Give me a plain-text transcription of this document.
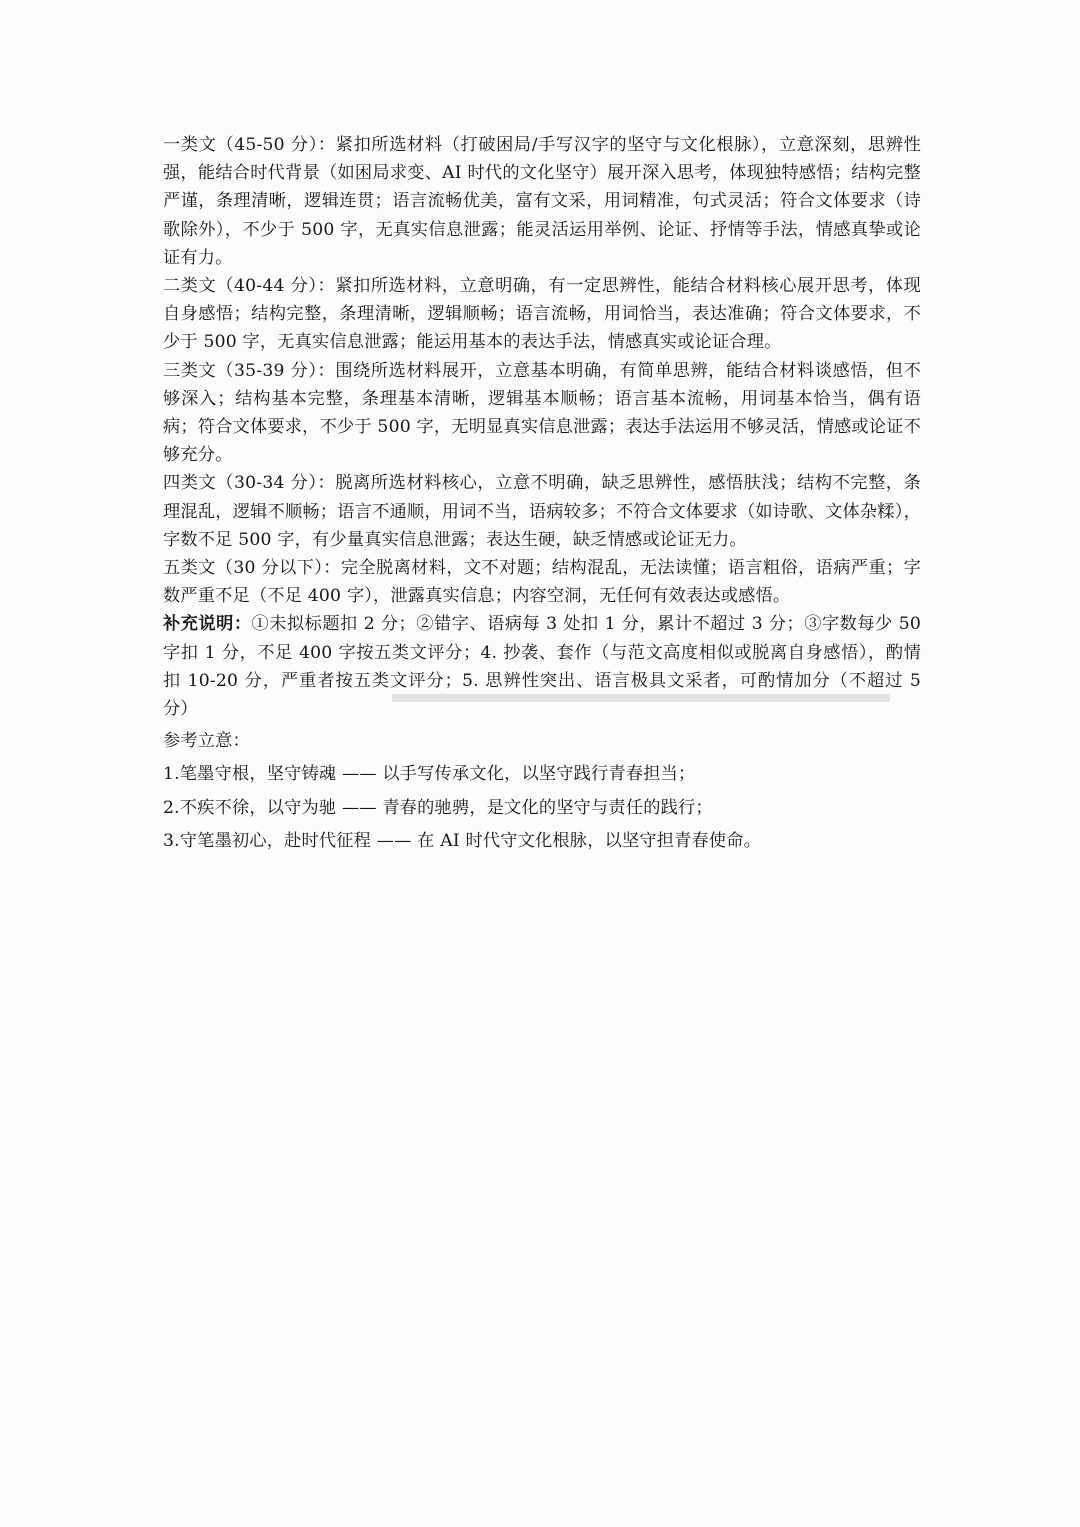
一类文（45-50 分）：紧扣所选材料（打破困局/手写汉字的坚守与文化根脉），立意深刻，思辨性强，能结合时代背景（如困局求变、AI 时代的文化坚守）展开深入思考，体现独特感悟；结构完整严谨，条理清晰，逻辑连贯；语言流畅优美，富有文采，用词精准，句式灵活；符合文体要求（诗歌除外），不少于 500 字，无真实信息泄露；能灵活运用举例、论证、抒情等手法，情感真挚或论证有力。

二类文（40-44 分）：紧扣所选材料，立意明确，有一定思辨性，能结合材料核心展开思考，体现自身感悟；结构完整，条理清晰，逻辑顺畅；语言流畅，用词恰当，表达准确；符合文体要求，不少于 500 字，无真实信息泄露；能运用基本的表达手法，情感真实或论证合理。

三类文（35-39 分）：围绕所选材料展开，立意基本明确，有简单思辨，能结合材料谈感悟，但不够深入；结构基本完整，条理基本清晰，逻辑基本顺畅；语言基本流畅，用词基本恰当，偶有语病；符合文体要求，不少于 500 字，无明显真实信息泄露；表达手法运用不够灵活，情感或论证不够充分。

四类文（30-34 分）：脱离所选材料核心，立意不明确，缺乏思辨性，感悟肤浅；结构不完整，条理混乱，逻辑不顺畅；语言不通顺，用词不当，语病较多；不符合文体要求（如诗歌、文体杂糅），字数不足 500 字，有少量真实信息泄露；表达生硬，缺乏情感或论证无力。

五类文（30 分以下）：完全脱离材料，文不对题；结构混乱，无法读懂；语言粗俗，语病严重；字数严重不足（不足 400 字），泄露真实信息；内容空洞，无任何有效表达或感悟。

补充说明：①未拟标题扣 2 分；②错字、语病每 3 处扣 1 分，累计不超过 3 分；③字数每少 50 字扣 1 分，不足 400 字按五类文评分；4. 抄袭、套作（与范文高度相似或脱离自身感悟），酌情扣 10-20 分，严重者按五类文评分；5. 思辨性突出、语言极具文采者，可酌情加分（不超过 5 分）

参考立意：

1.笔墨守根，坚守铸魂 —— 以手写传承文化，以坚守践行青春担当；

2.不疾不徐，以守为驰 —— 青春的驰骋，是文化的坚守与责任的践行；

3.守笔墨初心，赴时代征程 —— 在 AI 时代守文化根脉，以坚守担青春使命。
